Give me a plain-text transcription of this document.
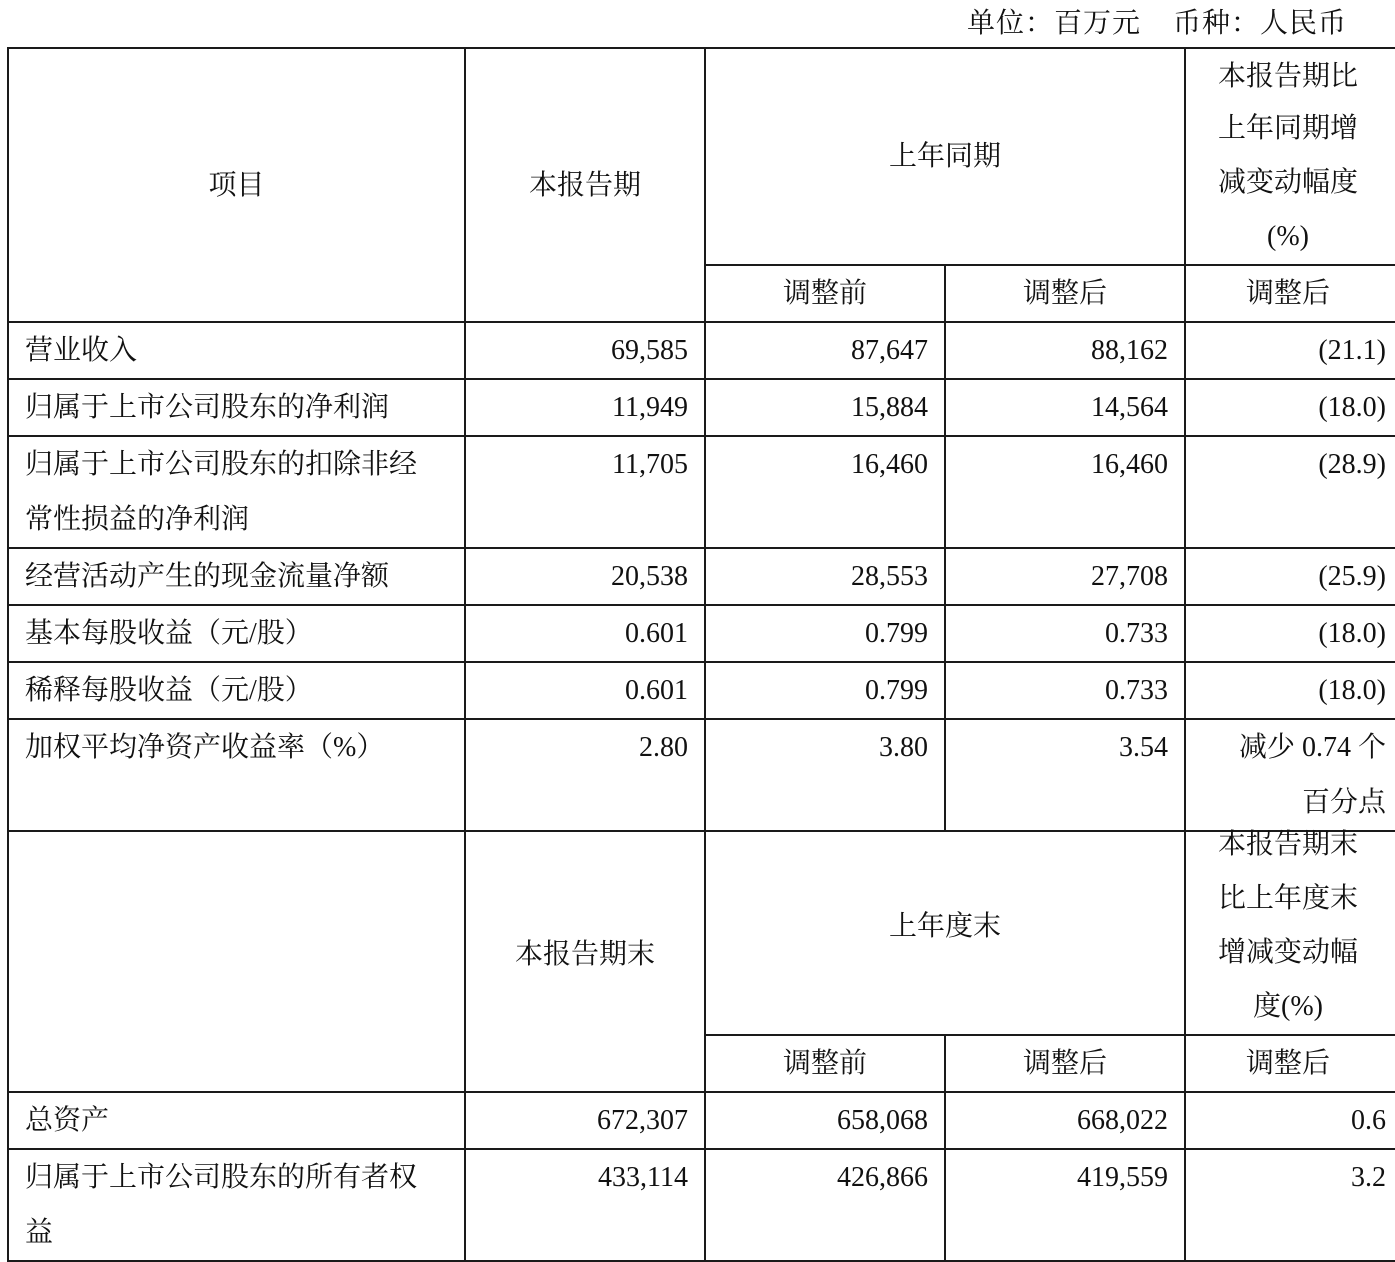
单位：百万元 币种：人民币
项目	本报告期	上年同期		本报告期比
上年同期增
减变动幅度
(%)

		调整前	调整后	调整后
营业收入	69,585	87,647	88,162	(21.1)
归属于上市公司股东的净利润	11,949	15,884	14,564	(18.0)
归属于上市公司股东的扣除非经常性损益的净利润	11,705	16,460	16,460	(28.9)
经营活动产生的现金流量净额	20,538	28,553	27,708	(25.9)
基本每股收益（元/股）	0.601	0.799	0.733	(18.0)
稀释每股收益（元/股）	0.601	0.799	0.733	(18.0)
加权平均净资产收益率（%）	2.80	3.80	3.54	减少 0.74 个
百分点
	本报告期末	上年度末		本报告期末
比上年度末
增减变动幅
度(%)

		调整前	调整后	调整后
总资产	672,307	658,068	668,022	0.6
归属于上市公司股东的所有者权益	433,114	426,866	419,559	3.2
